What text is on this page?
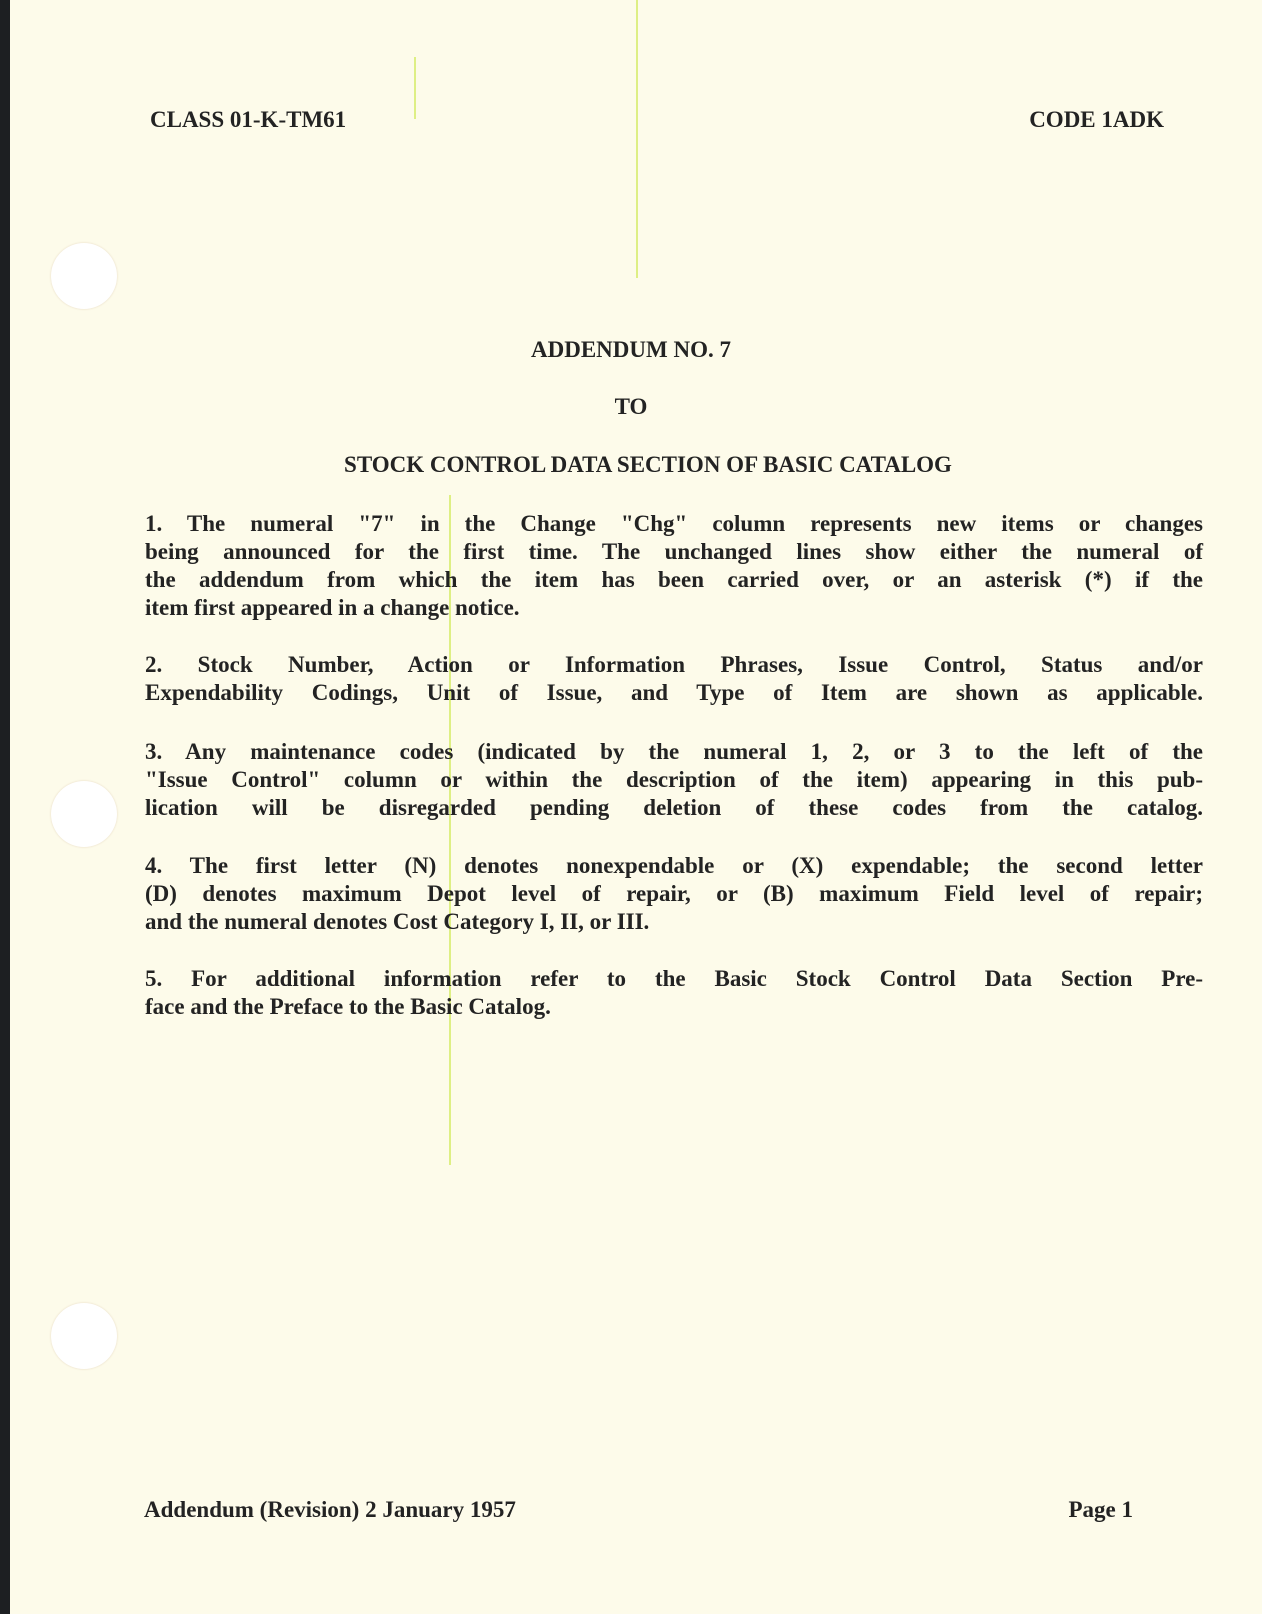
CLASS 01-K-TM61	CODE 1ADK
ADDENDUM NO. 7
TO
STOCK CONTROL DATA SECTION OF BASIC CATALOG
1. The numeral "7" in the Change "Chg" column represents new items or changes
being announced for the first time. The unchanged lines show either the numeral of
the addendum from which the item has been carried over, or an asterisk (*) if the
item first appeared in a change notice.
2. Stock Number, Action or Information Phrases, Issue Control, Status and/or
Expendability Codings, Unit of Issue, and Type of Item are shown as applicable.
3. Any maintenance codes (indicated by the numeral 1, 2, or 3 to the left of the
"Issue Control" column or within the description of the item) appearing in this pub-
lication will be disregarded pending deletion of these codes from the catalog.
4. The first letter (N) denotes nonexpendable or (X) expendable; the second letter
(D) denotes maximum Depot level of repair, or (B) maximum Field level of repair;
and the numeral denotes Cost Category I, II, or III.
5. For additional information refer to the Basic Stock Control Data Section Pre-
face and the Preface to the Basic Catalog.
Addendum (Revision) 2 January 1957	Page 1
